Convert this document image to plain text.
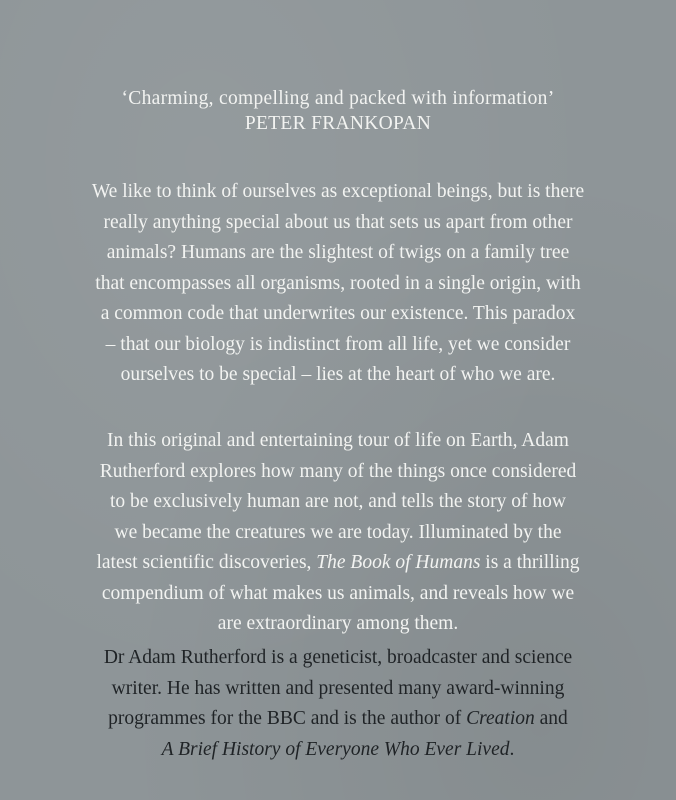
‘Charming, compelling and packed with information’
PETER FRANKOPAN
We like to think of ourselves as exceptional beings, but is there
really anything special about us that sets us apart from other
animals? Humans are the slightest of twigs on a family tree
that encompasses all organisms, rooted in a single origin, with
a common code that underwrites our existence. This paradox
– that our biology is indistinct from all life, yet we consider
ourselves to be special – lies at the heart of who we are.
In this original and entertaining tour of life on Earth, Adam
Rutherford explores how many of the things once considered
to be exclusively human are not, and tells the story of how
we became the creatures we are today. Illuminated by the
latest scientific discoveries, The Book of Humans is a thrilling
compendium of what makes us animals, and reveals how we
are extraordinary among them.
Dr Adam Rutherford is a geneticist, broadcaster and science
writer. He has written and presented many award-winning
programmes for the BBC and is the author of Creation and
A Brief History of Everyone Who Ever Lived.
